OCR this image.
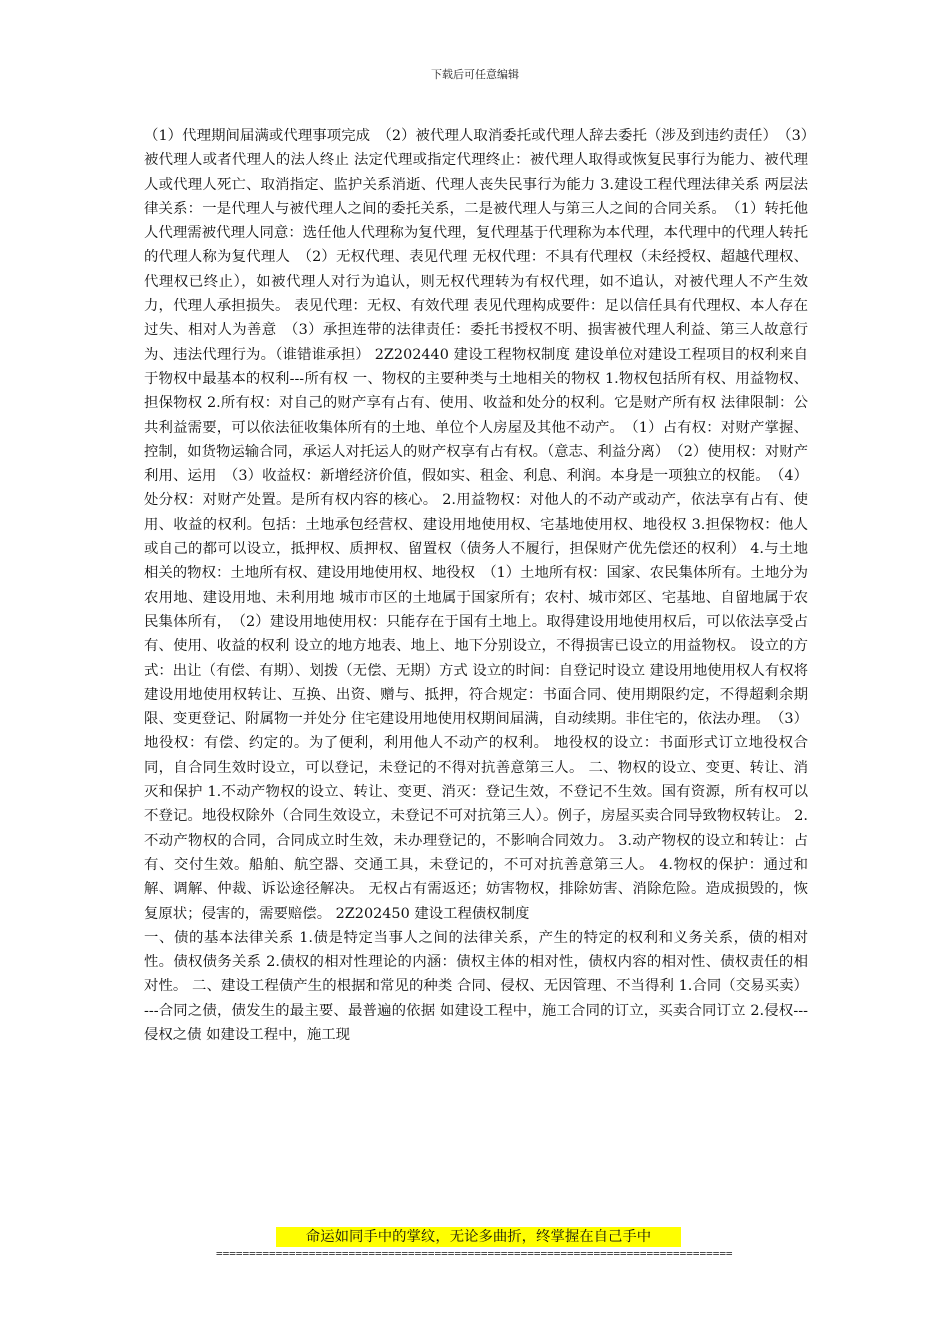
下载后可任意编辑
（1）代理期间届满或代理事项完成　（2）被代理人取消委托或代理人辞去委托（涉及到违约责任）　（3）被代理人或者代理人的法人终止 法定代理或指定代理终止：被代理人取得或恢复民事行为能力、被代理人或代理人死亡、取消指定、监护关系消逝、代理人丧失民事行为能力 3.建设工程代理法律关系 两层法律关系：一是代理人与被代理人之间的委托关系，二是被代理人与第三人之间的合同关系。　（1）转托他人代理需被代理人同意：选任他人代理称为复代理，复代理基于代理称为本代理，本代理中的代理人转托的代理人称为复代理人　（2）无权代理、表见代理 无权代理：不具有代理权（未经授权、超越代理权、代理权已终止），如被代理人对行为追认，则无权代理转为有权代理，如不追认，对被代理人不产生效力，代理人承担损失。 表见代理：无权、有效代理 表见代理构成要件：足以信任具有代理权、本人存在过失、相对人为善意　（3）承担连带的法律责任：委托书授权不明、损害被代理人利益、第三人故意行为、违法代理行为。（谁错谁承担） 2Z202440 建设工程物权制度 建设单位对建设工程项目的权利来自于物权中最基本的权利---所有权 一、物权的主要种类与土地相关的物权 1.物权包括所有权、用益物权、担保物权 2.所有权：对自己的财产享有占有、使用、收益和处分的权利。它是财产所有权 法律限制：公共利益需要，可以依法征收集体所有的土地、单位个人房屋及其他不动产。　（1）占有权：对财产掌握、控制，如货物运输合同，承运人对托运人的财产权享有占有权。（意志、利益分离）　（2）使用权：对财产利用、运用　（3）收益权：新增经济价值，假如实、租金、利息、利润。本身是一项独立的权能。　（4）处分权：对财产处置。是所有权内容的核心。 2.用益物权：对他人的不动产或动产，依法享有占有、使用、收益的权利。包括：土地承包经营权、建设用地使用权、宅基地使用权、地役权 3.担保物权：他人或自己的都可以设立，抵押权、质押权、留置权（债务人不履行，担保财产优先偿还的权利） 4.与土地相关的物权：土地所有权、建设用地使用权、地役权　（1）土地所有权：国家、农民集体所有。土地分为农用地、建设用地、未利用地 城市市区的土地属于国家所有；农村、城市郊区、宅基地、自留地属于农民集体所有，　（2）建设用地使用权：只能存在于国有土地上。取得建设用地使用权后，可以依法享受占有、使用、收益的权利 设立的地方地表、地上、地下分别设立，不得损害已设立的用益物权。 设立的方式：出让（有偿、有期）、划拨（无偿、无期）方式 设立的时间：自登记时设立 建设用地使用权人有权将建设用地使用权转让、互换、出资、赠与、抵押，符合规定：书面合同、使用期限约定，不得超剩余期限、变更登记、附属物一并处分 住宅建设用地使用权期间届满，自动续期。非住宅的，依法办理。　（3）地役权：有偿、约定的。为了便利，利用他人不动产的权利。 地役权的设立：书面形式订立地役权合同，自合同生效时设立，可以登记，未登记的不得对抗善意第三人。 二、物权的设立、变更、转让、消灭和保护 1.不动产物权的设立、转让、变更、消灭：登记生效，不登记不生效。国有资源，所有权可以不登记。地役权除外（合同生效设立，未登记不可对抗第三人）。例子，房屋买卖合同导致物权转让。 2.不动产物权的合同，合同成立时生效，未办理登记的，不影响合同效力。 3.动产物权的设立和转让：占有、交付生效。船舶、航空器、交通工具，未登记的，不可对抗善意第三人。 4.物权的保护：通过和解、调解、仲裁、诉讼途径解决。 无权占有需返还；妨害物权，排除妨害、消除危险。造成损毁的，恢复原状；侵害的，需要赔偿。 2Z202450 建设工程债权制度
一、债的基本法律关系 1.债是特定当事人之间的法律关系，产生的特定的权利和义务关系，债的相对性。债权债务关系 2.债权的相对性理论的内涵：债权主体的相对性，债权内容的相对性、债权责任的相对性。 二、建设工程债产生的根据和常见的种类 合同、侵权、无因管理、不当得利 1.合同（交易买卖）---合同之债，债发生的最主要、最普遍的依据 如建设工程中，施工合同的订立，买卖合同订立 2.侵权---侵权之债 如建设工程中，施工现
命运如同手中的掌纹，无论多曲折，终掌握在自己手中
==============================================================================
